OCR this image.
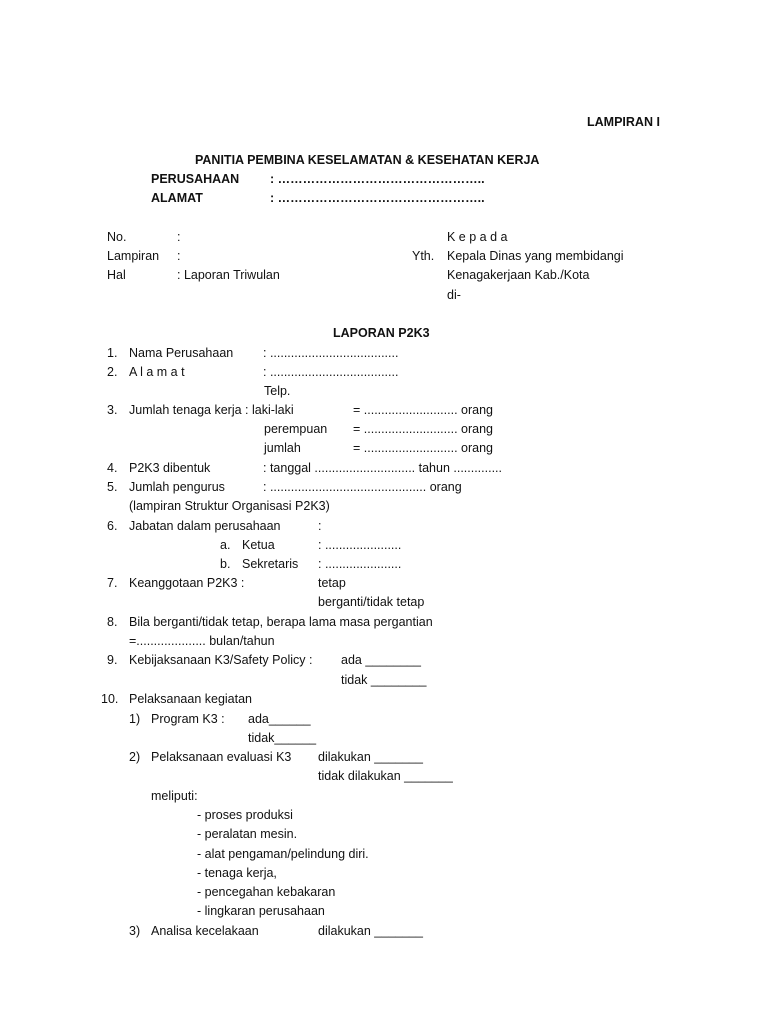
LAMPIRAN I
PANITIA PEMBINA KESELAMATAN & KESEHATAN KERJA
PERUSAHAAN : …………………………………………..
ALAMAT	: …………………………………………..
No.	:	K e p a d a
Lampiran :	Yth. Kepala Dinas yang membidangi
Hal	: Laporan Triwulan	Kenagakerjaan Kab./Kota
di-
LAPORAN P2K3
1. Nama Perusahaan : .....................................
2. A l a m a t	: .....................................
Telp.
3. Jumlah tenaga kerja : laki-laki	= ........................... orang
perempuan = ........................... orang
jumlah	= ........................... orang
4. P2K3 dibentuk	: tanggal ............................. tahun ..............
5. Jumlah pengurus	: ............................................. orang
(lampiran Struktur Organisasi P2K3)
6. Jabatan dalam perusahaan	:
a. Ketua	: ......................
b. Sekretaris : ......................
7. Keanggotaan P2K3 :	tetap
berganti/tidak tetap
8. Bila berganti/tidak tetap, berapa lama masa pergantian
=.................... bulan/tahun
9. Kebijaksanaan K3/Safety Policy : ada ________
tidak ________
10. Pelaksanaan kegiatan
1) Program K3 : ada______
tidak______
2) Pelaksanaan evaluasi K3 dilakukan _______
tidak dilakukan _______
meliputi:
- proses produksi
- peralatan mesin.
- alat pengaman/pelindung diri.
- tenaga kerja,
- pencegahan kebakaran
- lingkaran perusahaan
3) Analisa kecelakaan	dilakukan _______
